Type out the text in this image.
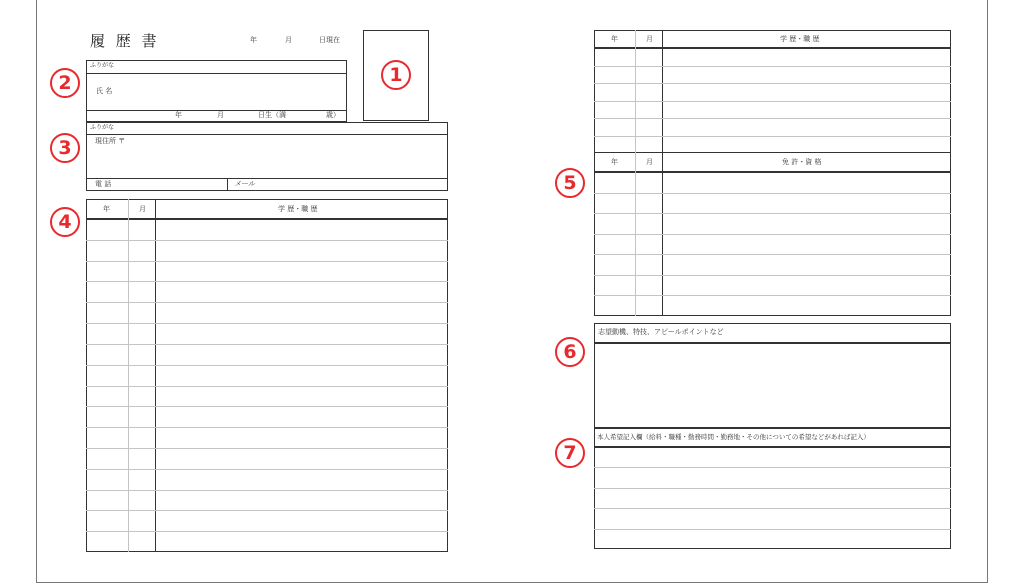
履 歴 書	年	月	日現在
ふりがな
氏 名
年	月	日生（満	歳）
ふりがな
現住所 〒
電 話	メール
年	月	学 歴・職 歴
年	月	学 歴・職 歴
年	月	免 許・資 格
志望動機、特技、アピールポイントなど
本人希望記入欄（給料・職種・勤務時間・勤務地・その他についての希望などがあれば記入）
1
2
3
4
5
6
7
